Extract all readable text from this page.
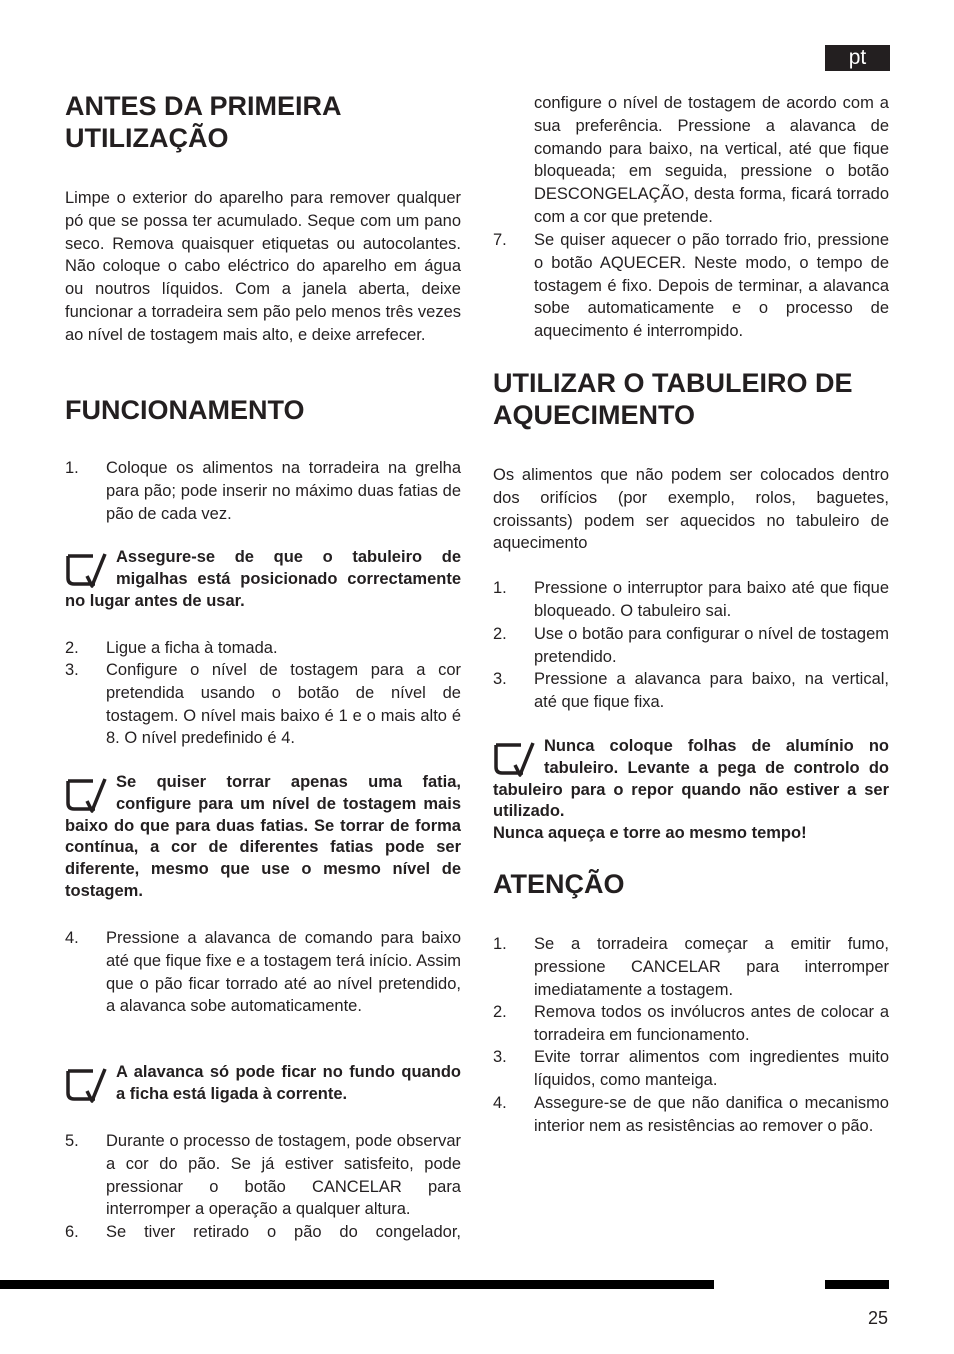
pt
ANTES DA PRIMEIRA UTILIZAÇÃO

Limpe o exterior do aparelho para remover qualquer pó que se possa ter acumulado. Seque com um pano seco. Remova quaisquer etiquetas ou autocolantes. Não coloque o cabo eléctrico do aparelho em água ou noutros líquidos. Com a janela aberta, deixe funcionar a torradeira sem pão pelo menos três vezes ao nível de tostagem mais alto, e deixe arrefecer.

FUNCIONAMENTO
1. Coloque os alimentos na torradeira na grelha para pão; pode inserir no máximo duas fatias de pão de cada vez.

Assegure-se de que o tabuleiro de migalhas está posicionado correctamente no lugar antes de usar.

2. Ligue a ficha à tomada.
3. Configure o nível de tostagem para a cor pretendida usando o botão de nível de tostagem. O nível mais baixo é 1 e o mais alto é 8. O nível predefinido é 4.

Se quiser torrar apenas uma fatia, configure para um nível de tostagem mais baixo do que para duas fatias. Se torrar de forma contínua, a cor de diferentes fatias pode ser diferente, mesmo que use o mesmo nível de tostagem.

4. Pressione a alavanca de comando para baixo até que fique fixe e a tostagem terá início. Assim que o pão ficar torrado até ao nível pretendido, a alavanca sobe automaticamente.

A alavanca só pode ficar no fundo quando a ficha está ligada à corrente.

5. Durante o processo de tostagem, pode observar a cor do pão. Se já estiver satisfeito, pode pressionar o botão CANCELAR para interromper a operação a qualquer altura.
6. Se tiver retirado o pão do congelador,
configure o nível de tostagem de acordo com a sua preferência. Pressione a alavanca de comando para baixo, na vertical, até que fique bloqueada; em seguida, pressione o botão DESCONGELAÇÃO, desta forma, ficará torrado com a cor que pretende.
7. Se quiser aquecer o pão torrado frio, pressione o botão AQUECER. Neste modo, o tempo de tostagem é fixo. Depois de terminar, a alavanca sobe automaticamente e o processo de aquecimento é interrompido.
UTILIZAR O TABULEIRO DE AQUECIMENTO

Os alimentos que não podem ser colocados dentro dos orifícios (por exemplo, rolos, baguetes, croissants) podem ser aquecidos no tabuleiro de aquecimento

1. Pressione o interruptor para baixo até que fique bloqueado. O tabuleiro sai.
2. Use o botão para configurar o nível de tostagem pretendido.
3. Pressione a alavanca para baixo, na vertical, até que fique fixa.

Nunca coloque folhas de alumínio no tabuleiro. Levante a pega de controlo do tabuleiro para o repor quando não estiver a ser utilizado.

Nunca aqueça e torre ao mesmo tempo!

ATENÇÃO
1. Se a torradeira começar a emitir fumo, pressione CANCELAR para interromper imediatamente a tostagem.
2. Remova todos os invólucros antes de colocar a torradeira em funcionamento.
3. Evite torrar alimentos com ingredientes muito líquidos, como manteiga.
4. Assegure-se de que não danifica o mecanismo interior nem as resistências ao remover o pão.
25
